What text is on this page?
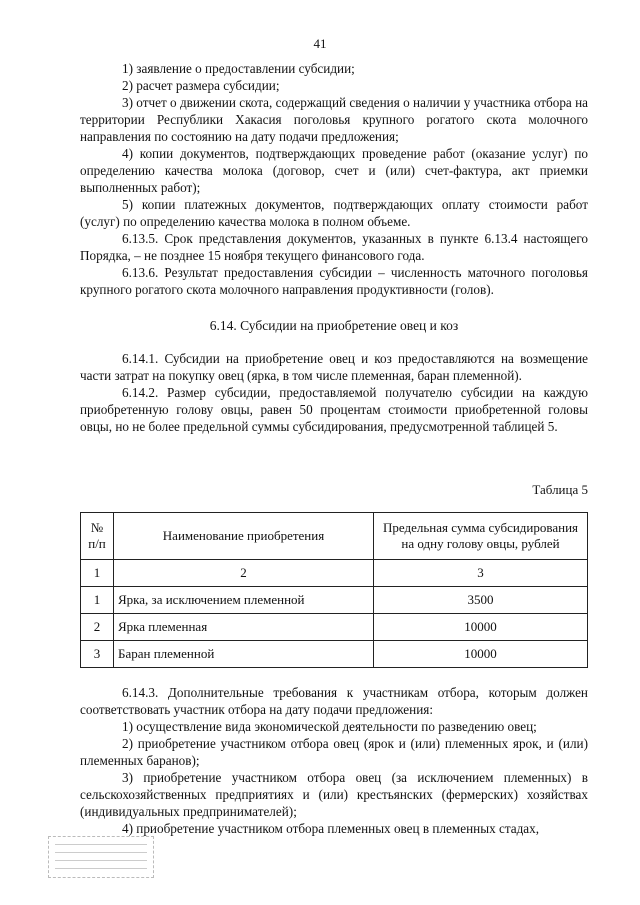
41

1) заявление о предоставлении субсидии;

2) расчет размера субсидии;

3) отчет о движении скота, содержащий сведения о наличии у участника отбора на территории Республики Хакасия поголовья крупного рогатого скота молочного направления по состоянию на дату подачи предложения;

4) копии документов, подтверждающих проведение работ (оказание услуг) по определению качества молока (договор, счет и (или) счет-фактура, акт приемки выполненных работ);

5) копии платежных документов, подтверждающих оплату стоимости работ (услуг) по определению качества молока в полном объеме.

6.13.5. Срок представления документов, указанных в пункте 6.13.4 настоящего Порядка, – не позднее 15 ноября текущего финансового года.

6.13.6. Результат предоставления субсидии – численность маточного поголовья крупного рогатого скота молочного направления продуктивности (голов).

6.14. Субсидии на приобретение овец и коз

6.14.1. Субсидии на приобретение овец и коз предоставляются на возмещение части затрат на покупку овец (ярка, в том числе племенная, баран племенной).

6.14.2. Размер субсидии, предоставляемой получателю субсидии на каждую приобретенную голову овцы, равен 50 процентам стоимости приобретенной головы овцы, но не более предельной суммы субсидирования, предусмотренной таблицей 5.

Таблица 5
№ п/п	Наименование приобретения	Предельная сумма субсидирования на одну голову овцы, рублей
1	2	3
1	Ярка, за исключением племенной	3500
2	Ярка племенная	10000
3	Баран племенной	10000

6.14.3. Дополнительные требования к участникам отбора, которым должен соответствовать участник отбора на дату подачи предложения:

1) осуществление вида экономической деятельности по разведению овец;

2) приобретение участником отбора овец (ярок и (или) племенных ярок, и (или) племенных баранов);

3) приобретение участником отбора овец (за исключением племенных) в сельскохозяйственных предприятиях и (или) крестьянских (фермерских) хозяйствах (индивидуальных предпринимателей);

4) приобретение участником отбора племенных овец в племенных стадах,
